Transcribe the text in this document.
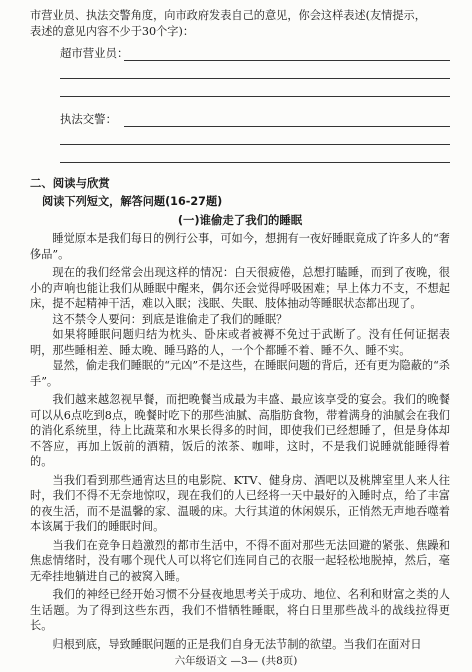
市营业员、执法交警角度，向市政府发表自己的意见，你会这样表述(友情提示，

表述的意见内容不少于30个字)：

超市营业员：
执法交警：
二、阅读与欣赏
阅读下列短文，解答问题(16-27题)
(一)谁偷走了我们的睡眠

睡觉原本是我们每日的例行公事，可如今，想拥有一夜好睡眠竟成了许多人的“奢侈品”。

现在的我们经常会出现这样的情况：白天很疲倦，总想打瞌睡，而到了夜晚，很小的声响也能让我们从睡眠中醒来，偶尔还会觉得呼吸困难；早上体力不支，不想起床，提不起精神干活，难以入眠；浅眠、失眠、肢体抽动等睡眠状态都出现了。

这不禁令人要问：到底是谁偷走了我们的睡眠？

如果将睡眠问题归结为枕头、卧床或者被褥不免过于武断了。没有任何证据表明，那些睡相差、睡太晚、睡马路的人，一个个都睡不着、睡不久、睡不实。

显然，偷走我们睡眠的“元凶”不是这些，在睡眠问题的背后，还有更为隐蔽的“杀手”。

我们越来越忽视早餐，而把晚餐当成最为丰盛、最应该享受的宴会。我们的晚餐可以从6点吃到8点，晚餐时吃下的那些油腻、高脂肪食物，带着满身的油腻会在我们的消化系统里，待上比蔬菜和水果长得多的时间，即使我们已经想睡了，但是身体却不答应，再加上饭前的酒精，饭后的浓茶、咖啡，这时，不是我们说睡就能睡得着的。

当我们看到那些通宵达旦的电影院、KTV、健身房、酒吧以及桃牌室里人来人往时，我们不得不无奈地惊叹，现在我们的人已经将一天中最好的入睡时点，给了丰富的夜生活，而不是温馨的家、温暖的床。大行其道的休闲娱乐，正悄然无声地吞噬着本该属于我们的睡眠时间。

当我们在竞争日趋激烈的都市生活中，不得不面对那些无法回避的紧张、焦躁和焦虑情绪时，没有哪个现代人可以将它们连同自己的衣服一起轻松地脱掉，然后，毫无牵挂地躺进自己的被窝入睡。

我们的神经已经开始习惯不分昼夜地思考关于成功、地位、名利和财富之类的人生话题。为了得到这些东西，我们不惜牺牲睡眠，将白日里那些战斗的战线拉得更长。

归根到底，导致睡眠问题的正是我们自身无法节制的欲望。当我们在面对日

六年级语文 —3— (共8页)
